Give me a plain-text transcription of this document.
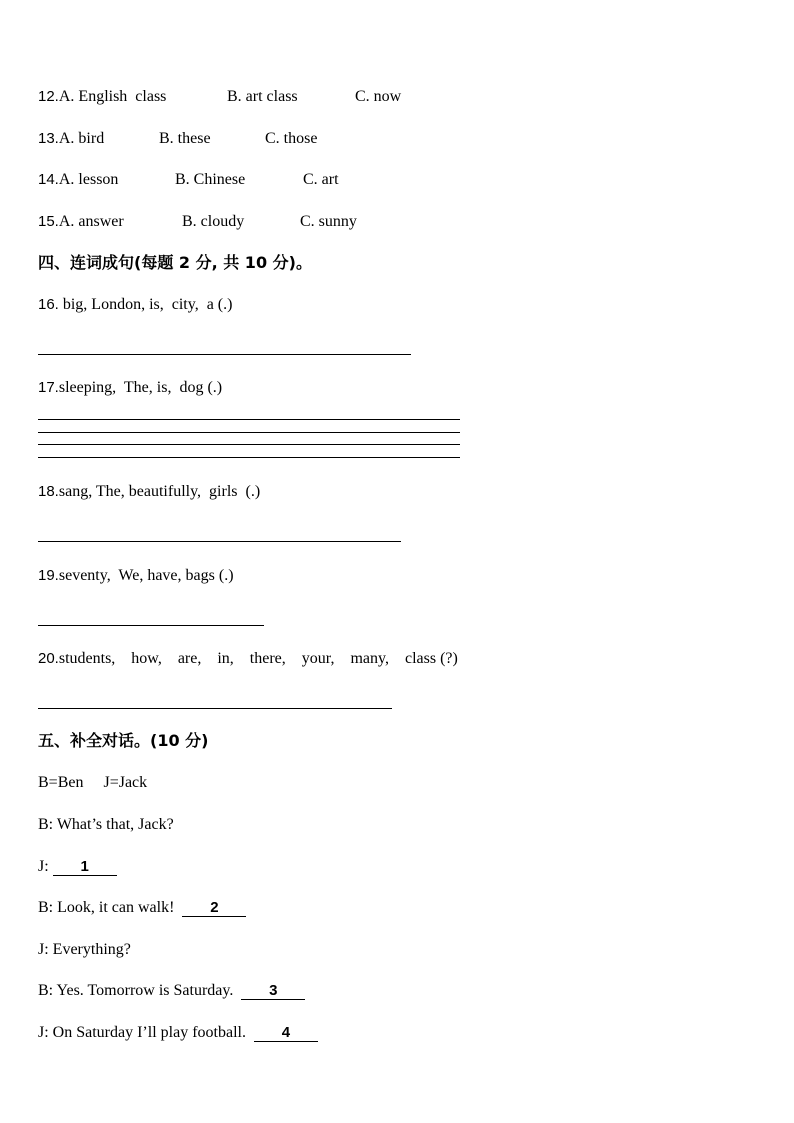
12.A. English  class	B. art class	C. now
13.A. bird	B. these	C. those
14.A. lesson	B. Chinese	C. art
15.A. answer	B. cloudy	C. sunny
四、连词成句(每题 2 分, 共 10 分)。
16. big, London, is,  city,  a (.)
17.sleeping,  The, is,  dog (.)
18.sang, The, beautifully,  girls  (.)
19.seventy,  We, have, bags (.)
20.students,    how,    are,    in,    there,    your,    many,    class (?)
五、补全对话。(10 分)
B=Ben     J=Jack
B: What’s that, Jack?
J: 1
B: Look, it can walk!  2
J: Everything?
B: Yes. Tomorrow is Saturday.  3
J: On Saturday I’ll play football.  4
